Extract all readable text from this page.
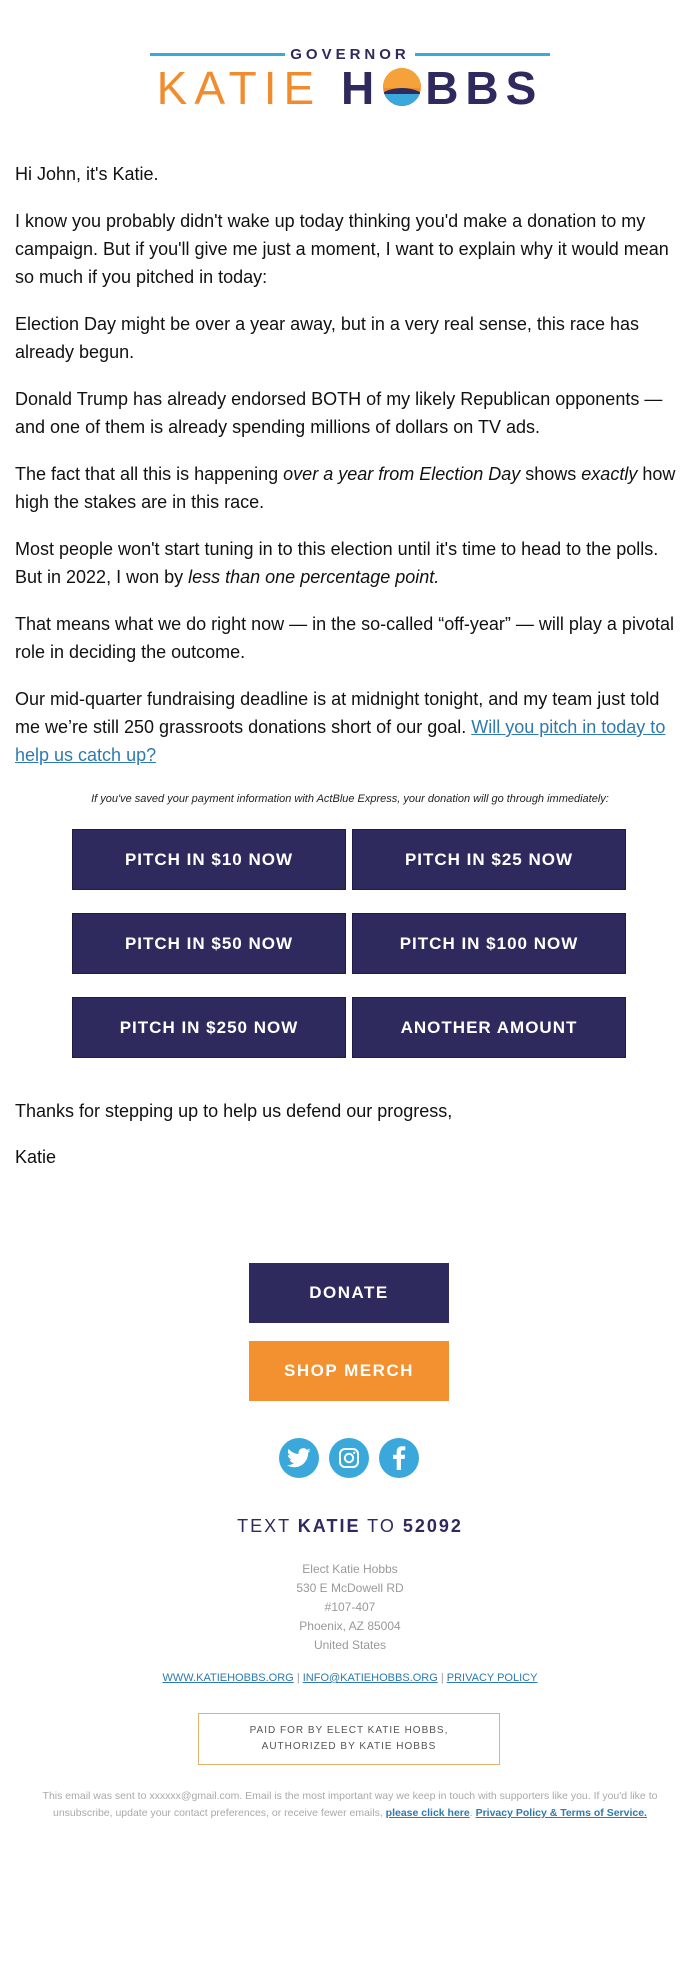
GOVERNOR
KATIE H BBS

Hi John, it's Katie.

I know you probably didn't wake up today thinking you'd make a donation to my campaign. But if you'll give me just a moment, I want to explain why it would mean so much if you pitched in today:

Election Day might be over a year away, but in a very real sense, this race has already begun.

Donald Trump has already endorsed BOTH of my likely Republican opponents — and one of them is already spending millions of dollars on TV ads.

The fact that all this is happening over a year from Election Day shows exactly how high the stakes are in this race.

Most people won't start tuning in to this election until it's time to head to the polls. But in 2022, I won by less than one percentage point.

That means what we do right now — in the so-called “off-year” — will play a pivotal role in deciding the outcome.

Our mid-quarter fundraising deadline is at midnight tonight, and my team just told me we’re still 250 grassroots donations short of our goal. Will you pitch in today to help us catch up?

If you've saved your payment information with ActBlue Express, your donation will go through immediately:
PITCH IN $10 NOW	PITCH IN $25 NOW
PITCH IN $50 NOW	PITCH IN $100 NOW
PITCH IN $250 NOW	ANOTHER AMOUNT

Thanks for stepping up to help us defend our progress,

Katie

DONATE
SHOP MERCH
TEXT KATIE TO 52092
Elect Katie Hobbs
530 E McDowell RD
#107-407
Phoenix, AZ 85004
United States
WWW.KATIEHOBBS.ORG | INFO@KATIEHOBBS.ORG | PRIVACY POLICY
PAID FOR BY ELECT KATIE HOBBS,
AUTHORIZED BY KATIE HOBBS
This email was sent to xxxxxx@gmail.com. Email is the most important way we keep in touch with supporters like you. If you'd like to unsubscribe, update your contact preferences, or receive fewer emails, please click here. Privacy Policy & Terms of Service.
